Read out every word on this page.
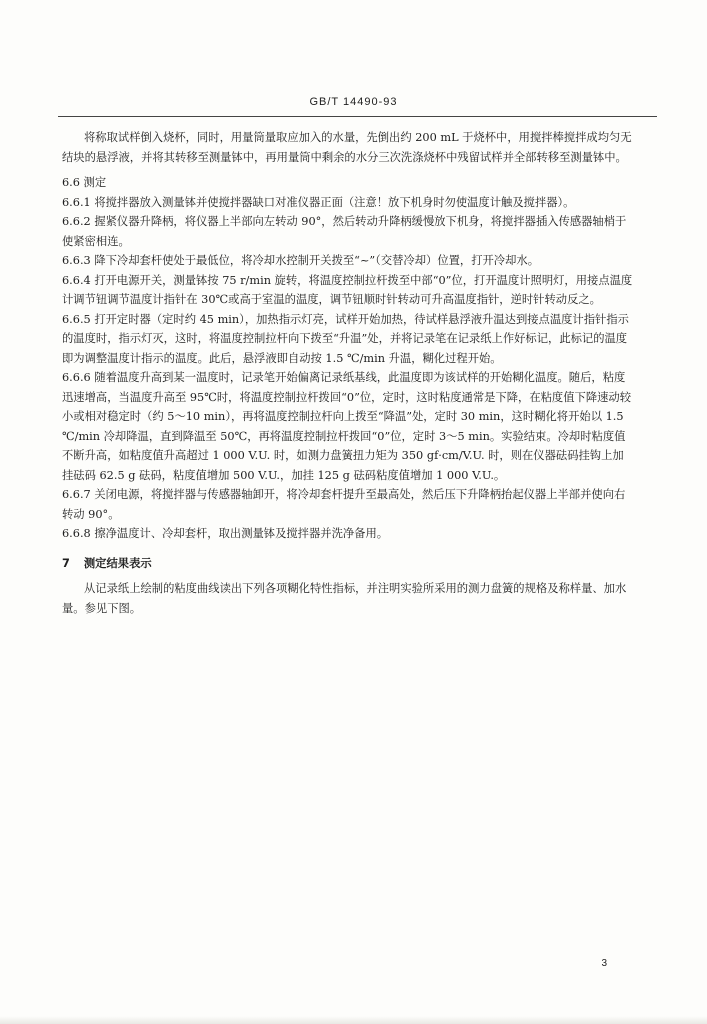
GB/T 14490-93

将称取试样倒入烧杯，同时，用量筒量取应加入的水量，先倒出约 200 mL 于烧杯中，用搅拌棒搅拌成均匀无结块的悬浮液，并将其转移至测量钵中，再用量筒中剩余的水分三次洗涤烧杯中残留试样并全部转移至测量钵中。

6.6 测定

6.6.1 将搅拌器放入测量钵并使搅拌器缺口对准仪器正面（注意！放下机身时勿使温度计触及搅拌器）。

6.6.2 握紧仪器升降柄，将仪器上半部向左转动 90°，然后转动升降柄缓慢放下机身，将搅拌器插入传感器轴梢于使紧密相连。

6.6.3 降下冷却套杆使处于最低位，将冷却水控制开关拨至“~”（交替冷却）位置，打开冷却水。

6.6.4 打开电源开关，测量钵按 75 r/min 旋转，将温度控制拉杆拨至中部“0”位，打开温度计照明灯，用接点温度计调节钮调节温度计指针在 30℃或高于室温的温度，调节钮顺时针转动可升高温度指针，逆时针转动反之。

6.6.5 打开定时器（定时约 45 min），加热指示灯亮，试样开始加热，待试样悬浮液升温达到接点温度计指针指示的温度时，指示灯灭，这时，将温度控制拉杆向下拨至“升温”处，并将记录笔在记录纸上作好标记，此标记的温度即为调整温度计指示的温度。此后，悬浮液即自动按 1.5 ℃/min 升温，糊化过程开始。

6.6.6 随着温度升高到某一温度时，记录笔开始偏离记录纸基线，此温度即为该试样的开始糊化温度。随后，粘度迅速增高，当温度升高至 95℃时，将温度控制拉杆拨回“0”位，定时，这时粘度通常是下降，在粘度值下降速动较小或相对稳定时（约 5～10 min），再将温度控制拉杆向上拨至“降温”处，定时 30 min，这时糊化将开始以 1.5 ℃/min 冷却降温，直到降温至 50℃，再将温度控制拉杆拨回“0”位，定时 3～5 min。实验结束。冷却时粘度值不断升高，如粘度值升高超过 1 000 V.U. 时，如测力盘簧扭力矩为 350 gf·cm/V.U. 时，则在仪器砝码挂钩上加挂砝码 62.5 g 砝码，粘度值增加 500 V.U.，加挂 125 g 砝码粘度值增加 1 000 V.U.。

6.6.7 关闭电源，将搅拌器与传感器轴卸开，将冷却套杆提升至最高处，然后压下升降柄抬起仪器上半部并使向右转动 90°。

6.6.8 擦净温度计、冷却套杆，取出测量钵及搅拌器并洗净备用。

7 测定结果表示

从记录纸上绘制的粘度曲线读出下列各项糊化特性指标，并注明实验所采用的测力盘簧的规格及称样量、加水量。参见下图。

3
